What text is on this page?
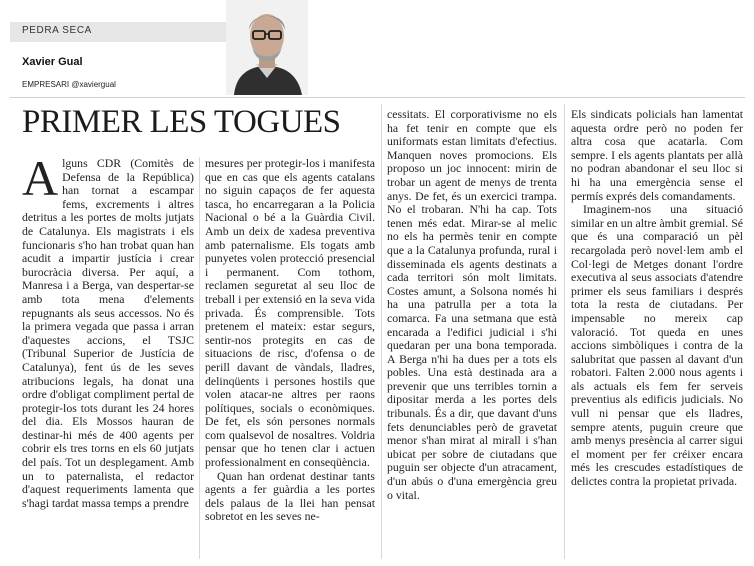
PEDRA SECA
Xavier Gual
EMPRESARI @xaviergual
PRIMER LES TOGUES

Alguns CDR (Comitès de Defensa de la República) han tornat a escampar fems, excrements i altres detritus a les portes de molts jutjats de Catalunya. Els magistrats i els funcionaris s'ho han trobat quan han acudit a impartir justícia i crear burocràcia diversa. Per aquí, a Manresa i a Berga, van despertar-se amb tota mena d'elements repugnants als seus accessos. No és la primera vegada que passa i arran d'aquestes accions, el TSJC (Tribunal Superior de Justícia de Catalunya), fent ús de les seves atribucions legals, ha donat una ordre d'obligat compliment pertal de protegir-los tots durant les 24 hores del dia. Els Mossos hauran de destinar-hi més de 400 agents per cobrir els tres torns en els 60 jutjats del país. Tot un desplegament. Amb un to paternalista, el redactor d'aquest requeriments lamenta que s'hagi tardat massa temps a prendre

mesures per protegir-los i manifesta que en cas que els agents catalans no siguin capaços de fer aquesta tasca, ho encarregaran a la Policia Nacional o bé a la Guàrdia Civil. Amb un deix de xadesa preventiva amb paternalisme. Els togats amb punyetes volen protecció presencial i permanent. Com tothom, reclamen seguretat al seu lloc de treball i per extensió en la seva vida privada. És comprensible. Tots pretenem el mateix: estar segurs, sentir-nos protegits en cas de situacions de risc, d'ofensa o de perill davant de vàndals, lladres, delinqüents i persones hostils que volen atacar-ne altres per raons polítiques, socials o econòmiques. De fet, els són persones normals com qualsevol de nosaltres. Voldria pensar que ho tenen clar i actuen professionalment en conseqüència.

Quan han ordenat destinar tants agents a fer guàrdia a les portes dels palaus de la llei han pensat sobretot en les seves ne-

cessitats. El corporativisme no els ha fet tenir en compte que els uniformats estan limitats d'efectius. Manquen noves promocions. Els proposo un joc innocent: mirin de trobar un agent de menys de trenta anys. De fet, és un exercici trampa. No el trobaran. N'hi ha cap. Tots tenen més edat. Mirar-se al melic no els ha permès tenir en compte que a la Catalunya profunda, rural i disseminada els agents destinats a cada territori són molt limitats. Costes amunt, a Solsona només hi ha una patrulla per a tota la comarca. Fa una setmana que està encarada a l'edifici judicial i s'hi quedaran per una bona temporada. A Berga n'hi ha dues per a tots els pobles. Una està destinada ara a prevenir que uns terribles tornin a dipositar merda a les portes dels tribunals. És a dir, que davant d'uns fets denunciables però de gravetat menor s'han mirat al mirall i s'han ubicat per sobre de ciutadans que puguin ser objecte d'un atracament, d'un abús o d'una emergència greu o vital.

Els sindicats policials han lamentat aquesta ordre però no poden fer altra cosa que acatarla. Com sempre. I els agents plantats per allà no podran abandonar el seu lloc si hi ha una emergència sense el permís exprés dels comandaments.

Imaginem-nos una situació similar en un altre àmbit gremial. Sé que és una comparació un pèl recargolada però novel·lem amb el Col·legi de Metges donant l'ordre executiva al seus associats d'atendre primer els seus familiars i després tota la resta de ciutadans. Per impensable no mereix cap valoració. Tot queda en unes accions simbòliques i contra de la salubritat que passen al davant d'un robatori. Falten 2.000 nous agents i als actuals els fem fer serveis preventius als edificis judicials. No vull ni pensar que els lladres, sempre atents, puguin creure que amb menys presència al carrer sigui el moment per fer créixer encara més les crescudes estadístiques de delictes contra la propietat privada.
